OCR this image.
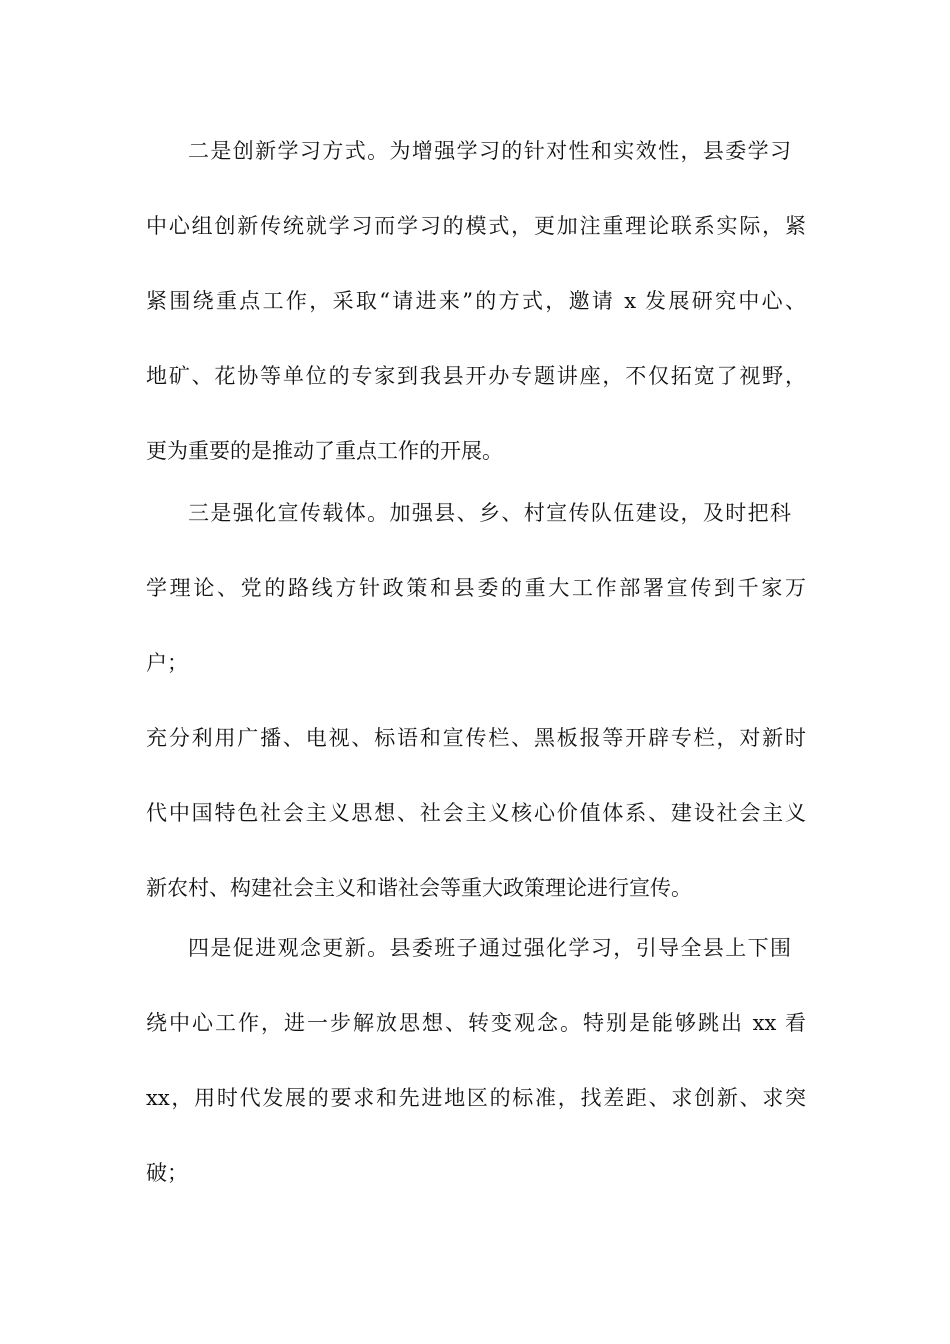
二是创新学习方式。为增强学习的针对性和实效性，县委学习
中心组创新传统就学习而学习的模式，更加注重理论联系实际，紧
紧围绕重点工作，采取“请进来”的方式，邀请 x 发展研究中心、
地矿、花协等单位的专家到我县开办专题讲座，不仅拓宽了视野，
更为重要的是推动了重点工作的开展。
三是强化宣传载体。加强县、乡、村宣传队伍建设，及时把科
学理论、党的路线方针政策和县委的重大工作部署宣传到千家万
户；
充分利用广播、电视、标语和宣传栏、黑板报等开辟专栏，对新时
代中国特色社会主义思想、社会主义核心价值体系、建设社会主义
新农村、构建社会主义和谐社会等重大政策理论进行宣传。
四是促进观念更新。县委班子通过强化学习，引导全县上下围
绕中心工作，进一步解放思想、转变观念。特别是能够跳出 xx 看
xx，用时代发展的要求和先进地区的标准，找差距、求创新、求突
破；
